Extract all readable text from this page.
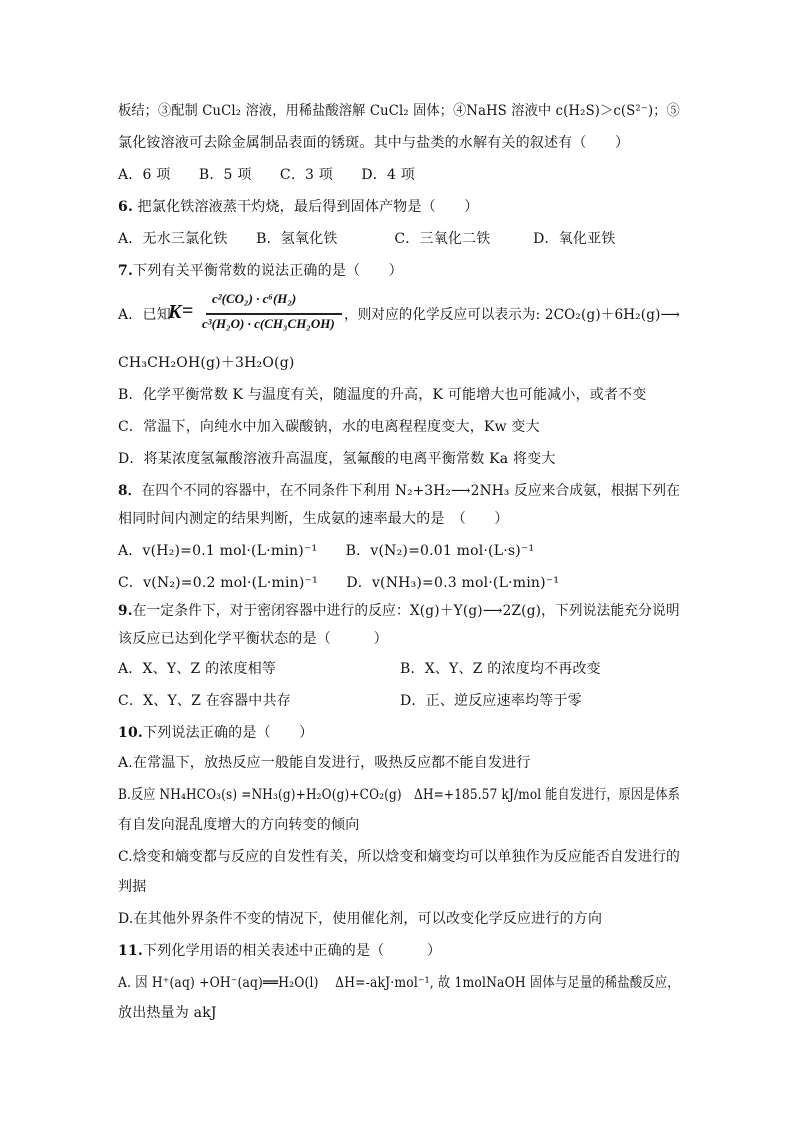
板结；③配制 CuCl₂ 溶液，用稀盐酸溶解 CuCl₂ 固体；④NaHS 溶液中 c(H₂S)＞c(S²⁻)；⑤
氯化铵溶液可去除金属制品表面的锈斑。其中与盐类的水解有关的叙述有（　　）
A．6 项　　B．5 项　　C．3 项　　D．4 项
6. 把氯化铁溶液蒸干灼烧，最后得到固体产物是（　　）
A．无水三氯化铁　　B．氢氧化铁　　　　C．三氧化二铁　　　D．氧化亚铁
7.下列有关平衡常数的说法正确的是（　　）
A．已知
K =
c²(CO₂) · c⁶(H₂)
c³(H₂O) · c(CH₃CH₂OH)
，则对应的化学反应可以表示为: 2CO₂(g)＋6H₂(g)⟶
CH₃CH₂OH(g)＋3H₂O(g)
B．化学平衡常数 K 与温度有关，随温度的升高，K 可能增大也可能减小，或者不变
C．常温下，向纯水中加入碳酸钠，水的电离程程度变大，Kw 变大
D．将某浓度氢氟酸溶液升高温度，氢氟酸的电离平衡常数 Ka 将变大
8．在四个不同的容器中，在不同条件下利用 N₂+3H₂⟶2NH₃ 反应来合成氨，根据下列在
相同时间内测定的结果判断，生成氨的速率最大的是　（　　）
A．v(H₂)=0.1 mol·(L·min)⁻¹　　B．v(N₂)=0.01 mol·(L·s)⁻¹
C．v(N₂)=0.2 mol·(L·min)⁻¹　　D．v(NH₃)=0.3 mol·(L·min)⁻¹
9.在一定条件下，对于密闭容器中进行的反应：X(g)＋Y(g)⟶2Z(g)，下列说法能充分说明
该反应已达到化学平衡状态的是（　　　）
A．X、Y、Z 的浓度相等	B．X、Y、Z 的浓度均不再改变
C．X、Y、Z 在容器中共存	D．正、逆反应速率均等于零
10.下列说法正确的是（　　）
A.在常温下，放热反应一般能自发进行，吸热反应都不能自发进行
B.反应 NH₄HCO₃(s) =NH₃(g)+H₂O(g)+CO₂(g)　ΔH=+185.57 kJ/mol 能自发进行，原因是体系
有自发向混乱度增大的方向转变的倾向
C.焓变和熵变都与反应的自发性有关，所以焓变和熵变均可以单独作为反应能否自发进行的
判据
D.在其他外界条件不变的情况下，使用催化剂，可以改变化学反应进行的方向
11.下列化学用语的相关表述中正确的是（　　　）
A. 因 H⁺(aq) +OH⁻(aq)══H₂O(l)　 ΔH=-akJ·mol⁻¹, 故 1molNaOH 固体与足量的稀盐酸反应，
放出热量为 akJ
